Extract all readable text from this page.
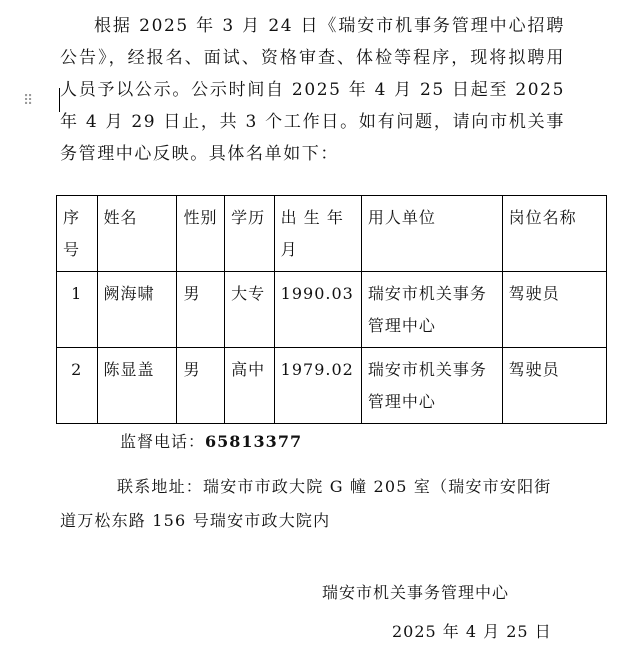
⠿

根据 2025 年 3 月 24 日《瑞安市机事务管理中心招聘公告》，经报名、面试、资格审查、体检等程序，现将拟聘用人员予以公示。公示时间自 2025 年 4 月 25 日起至 2025 年 4 月 29 日止，共 3 个工作日。如有问题，请向市机关事务管理中心反映。具体名单如下：

序号	姓名	性别	学历	出 生 年 月	用人单位	岗位名称
1	阙海啸	男	大专	1990.03	瑞安市机关事务管理中心	驾驶员
2	陈显盖	男	高中	1979.02	瑞安市机关事务管理中心	驾驶员
监督电话：65813377

联系地址：瑞安市市政大院 G 幢 205 室（瑞安市安阳街道万松东路 156 号瑞安市政大院内

瑞安市机关事务管理中心
2025 年 4 月 25 日
